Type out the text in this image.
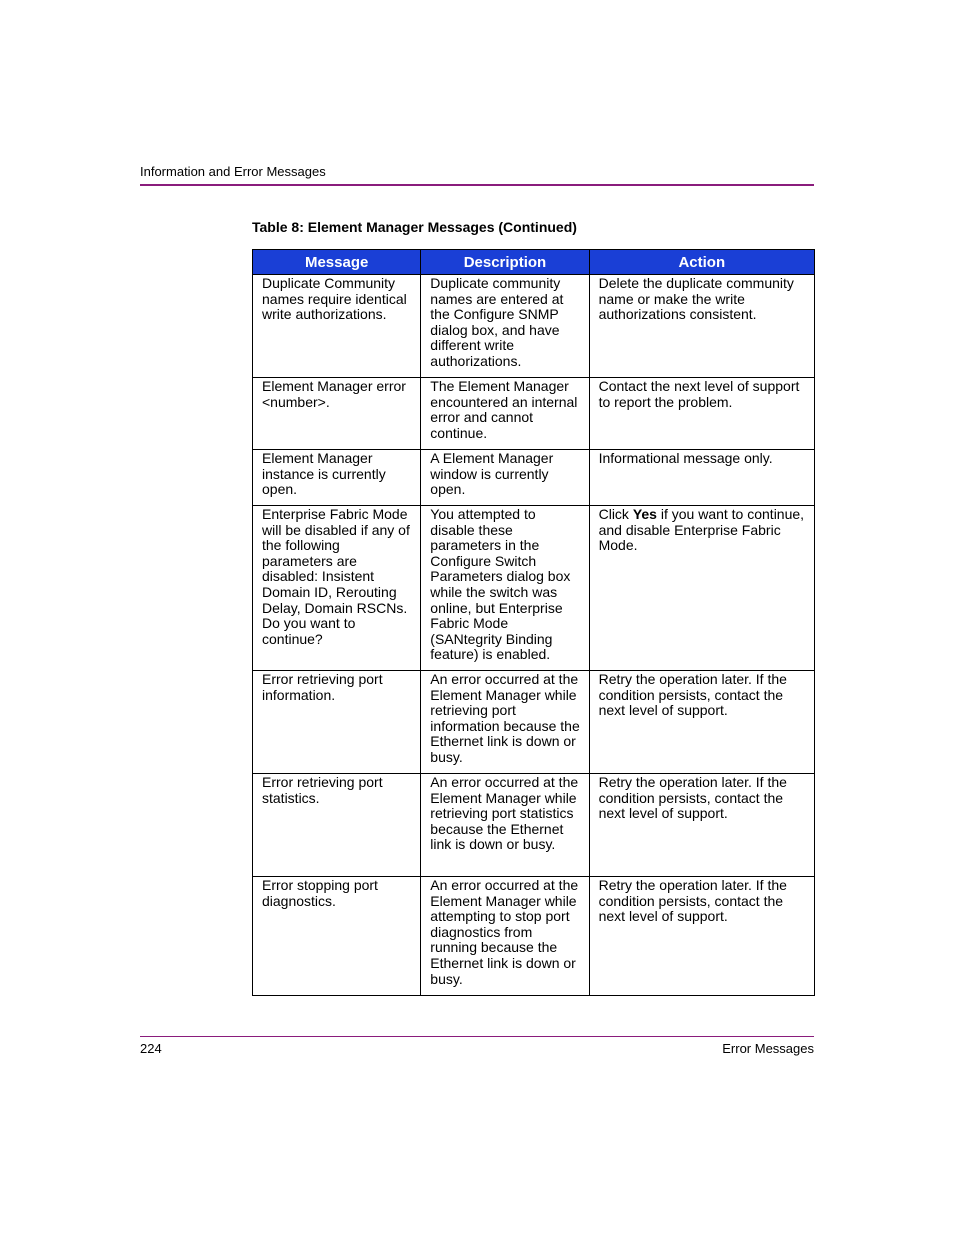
Information and Error Messages
Table 8: Element Manager Messages (Continued)
Message	Description	Action
Duplicate Community names require identical write authorizations.	Duplicate community names are entered at the Configure SNMP dialog box, and have different write authorizations.	Delete the duplicate community name or make the write authorizations consistent.
Element Manager error <number>.	The Element Manager encountered an internal error and cannot continue.	Contact the next level of support to report the problem.
Element Manager instance is currently open.	A Element Manager window is currently open.	Informational message only.
Enterprise Fabric Mode will be disabled if any of the following parameters are disabled: Insistent Domain ID, Rerouting Delay, Domain RSCNs. Do you want to continue?	You attempted to disable these parameters in the Configure Switch Parameters dialog box while the switch was online, but Enterprise Fabric Mode (SANtegrity Binding feature) is enabled.	Click Yes if you want to continue, and disable Enterprise Fabric Mode.
Error retrieving port information.	An error occurred at the Element Manager while retrieving port information because the Ethernet link is down or busy.	Retry the operation later. If the condition persists, contact the next level of support.
Error retrieving port statistics.	An error occurred at the Element Manager while retrieving port statistics because the Ethernet link is down or busy.	Retry the operation later. If the condition persists, contact the next level of support.
Error stopping port diagnostics.	An error occurred at the Element Manager while attempting to stop port diagnostics from running because the Ethernet link is down or busy.	Retry the operation later. If the condition persists, contact the next level of support.
224	Error Messages
